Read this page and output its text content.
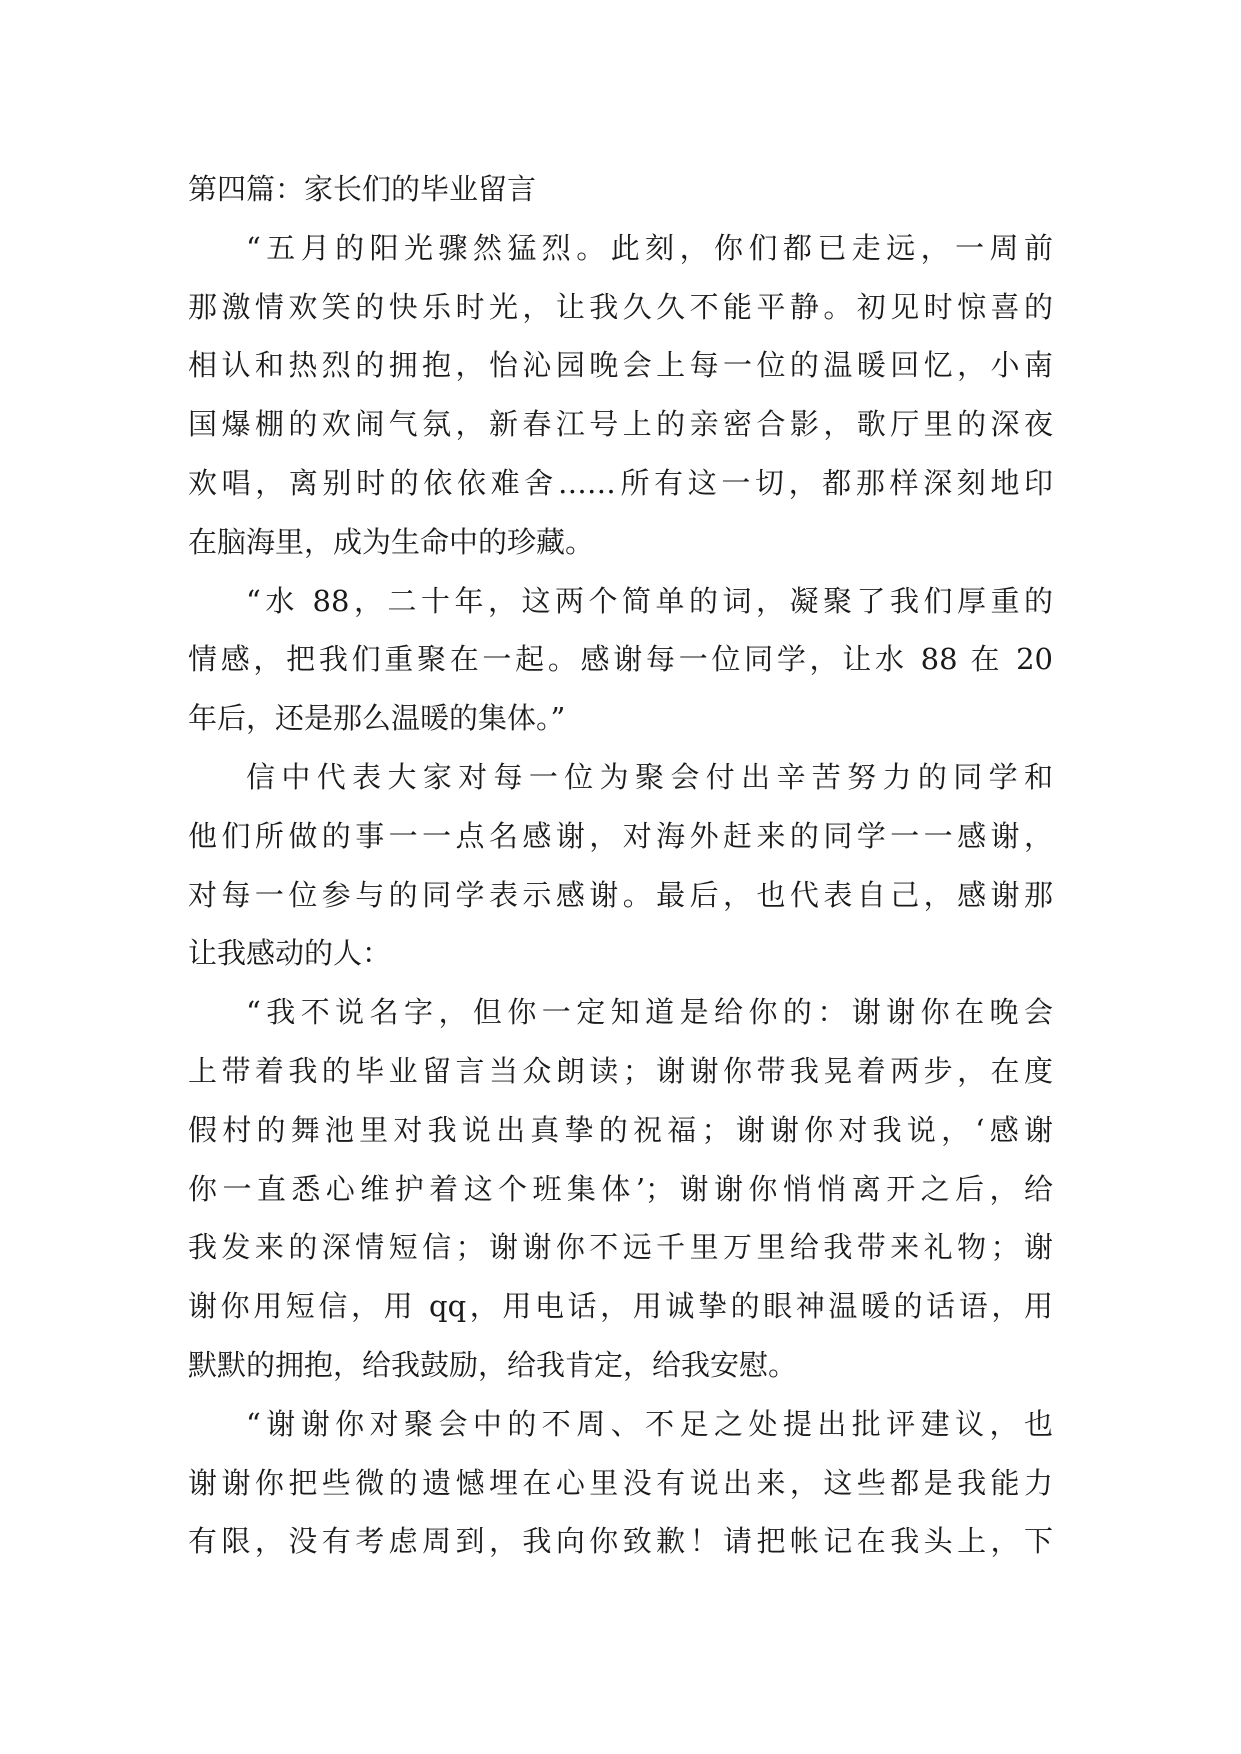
第四篇：家长们的毕业留言

“五月的阳光骤然猛烈。此刻，你们都已走远，一周前
那激情欢笑的快乐时光，让我久久不能平静。初见时惊喜的
相认和热烈的拥抱，怡沁园晚会上每一位的温暖回忆，小南
国爆棚的欢闹气氛，新春江号上的亲密合影，歌厅里的深夜
欢唱，离别时的依依难舍……所有这一切，都那样深刻地印
在脑海里，成为生命中的珍藏。
“水 88，二十年，这两个简单的词，凝聚了我们厚重的
情感，把我们重聚在一起。感谢每一位同学，让水 88 在 20
年后，还是那么温暖的集体。”
信中代表大家对每一位为聚会付出辛苦努力的同学和
他们所做的事一一点名感谢，对海外赶来的同学一一感谢，
对每一位参与的同学表示感谢。最后，也代表自己，感谢那
让我感动的人：
“我不说名字，但你一定知道是给你的：谢谢你在晚会
上带着我的毕业留言当众朗读；谢谢你带我晃着两步，在度
假村的舞池里对我说出真挚的祝福；谢谢你对我说，‘感谢
你一直悉心维护着这个班集体’；谢谢你悄悄离开之后，给
我发来的深情短信；谢谢你不远千里万里给我带来礼物；谢
谢你用短信，用 qq，用电话，用诚挚的眼神温暖的话语，用
默默的拥抱，给我鼓励，给我肯定，给我安慰。
“谢谢你对聚会中的不周、不足之处提出批评建议，也
谢谢你把些微的遗憾埋在心里没有说出来，这些都是我能力
有限，没有考虑周到，我向你致歉！请把帐记在我头上，下
